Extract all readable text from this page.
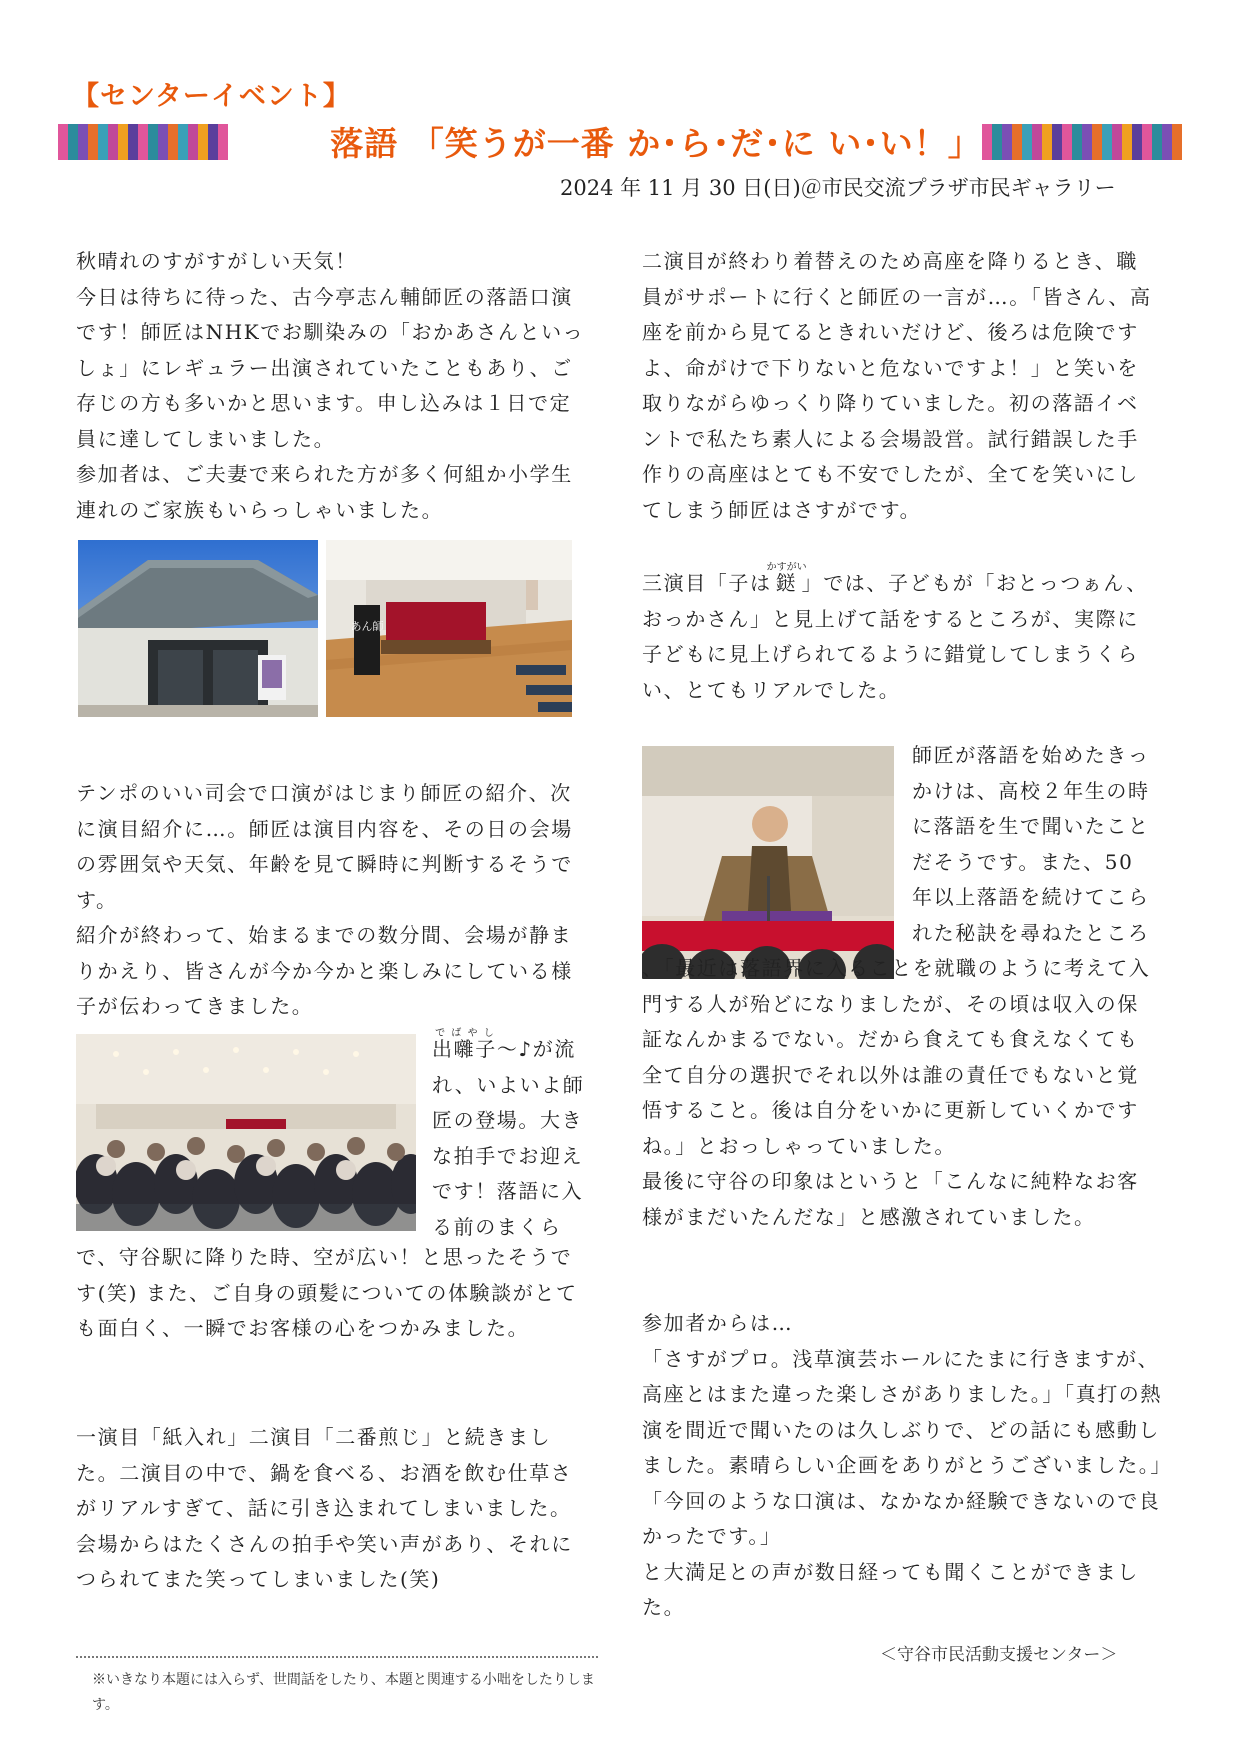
【センターイベント】
落語 「笑うが一番 か･ら･だ･に い･い！」
2024 年 11 月 30 日(日)＠市民交流プラザ市民ギャラリー

秋晴れのすがすがしい天気！

今日は待ちに待った、古今亭志ん輔師匠の落語口演です！師匠はNHKでお馴染みの「おかあさんといっしょ」にレギュラー出演されていたこともあり、ご存じの方も多いかと思います。申し込みは１日で定員に達してしまいました。

参加者は、ご夫妻で来られた方が多く何組か小学生連れのご家族もいらっしゃいました。

あん師

テンポのいい司会で口演がはじまり師匠の紹介、次に演目紹介に…。師匠は演目内容を、その日の会場の雰囲気や天気、年齢を見て瞬時に判断するそうです。

紹介が終わって、始まるまでの数分間、会場が静まりかえり、皆さんが今か今かと楽しみにしている様子が伝わってきました。

出囃子でばやし〜♪が流れ、いよいよ師匠の登場。大きな拍手でお迎えです！落語に入る前のまくら

で、守谷駅に降りた時、空が広い！と思ったそうです(笑) また、ご自身の頭髪についての体験談がとても面白く、一瞬でお客様の心をつかみました。

一演目「紙入れ」二演目「二番煎じ」と続きました。二演目の中で、鍋を食べる、お酒を飲む仕草さがリアルすぎて、話に引き込まれてしまいました。会場からはたくさんの拍手や笑い声があり、それにつられてまた笑ってしまいました(笑)

二演目が終わり着替えのため高座を降りるとき、職員がサポートに行くと師匠の一言が…。「皆さん、高座を前から見てるときれいだけど、後ろは危険ですよ、命がけで下りないと危ないですよ！」と笑いを取りながらゆっくり降りていました。初の落語イベントで私たち素人による会場設営。試行錯誤した手作りの高座はとても不安でしたが、全てを笑いにしてしまう師匠はさすがです。

三演目「子は鎹かすがい」では、子どもが「おとっつぁん、おっかさん」と見上げて話をするところが、実際に子どもに見上げられてるように錯覚してしまうくらい、とてもリアルでした。

師匠が落語を始めたきっかけは、高校２年生の時に落語を生で聞いたことだそうです。また、50年以上落語を続けてこられた秘訣を尋ねたところ
、「最近は落語界に入ることを就職のように考えて入門する人が殆どになりましたが、その頃は収入の保証なんかまるでない。だから食えても食えなくても全て自分の選択でそれ以外は誰の責任でもないと覚悟すること。後は自分をいかに更新していくかですね。」とおっしゃっていました。

最後に守谷の印象はというと「こんなに純粋なお客様がまだいたんだな」と感激されていました。

参加者からは…

「さすがプロ。浅草演芸ホールにたまに行きますが、高座とはまた違った楽しさがありました。」「真打の熱演を間近で聞いたのは久しぶりで、どの話にも感動しました。素晴らしい企画をありがとうございました。」「今回のような口演は、なかなか経験できないので良かったです。」

と大満足との声が数日経っても聞くことができました。

＜守谷市民活動支援センター＞
※いきなり本題には入らず、世間話をしたり、本題と関連する小咄をしたりします。
